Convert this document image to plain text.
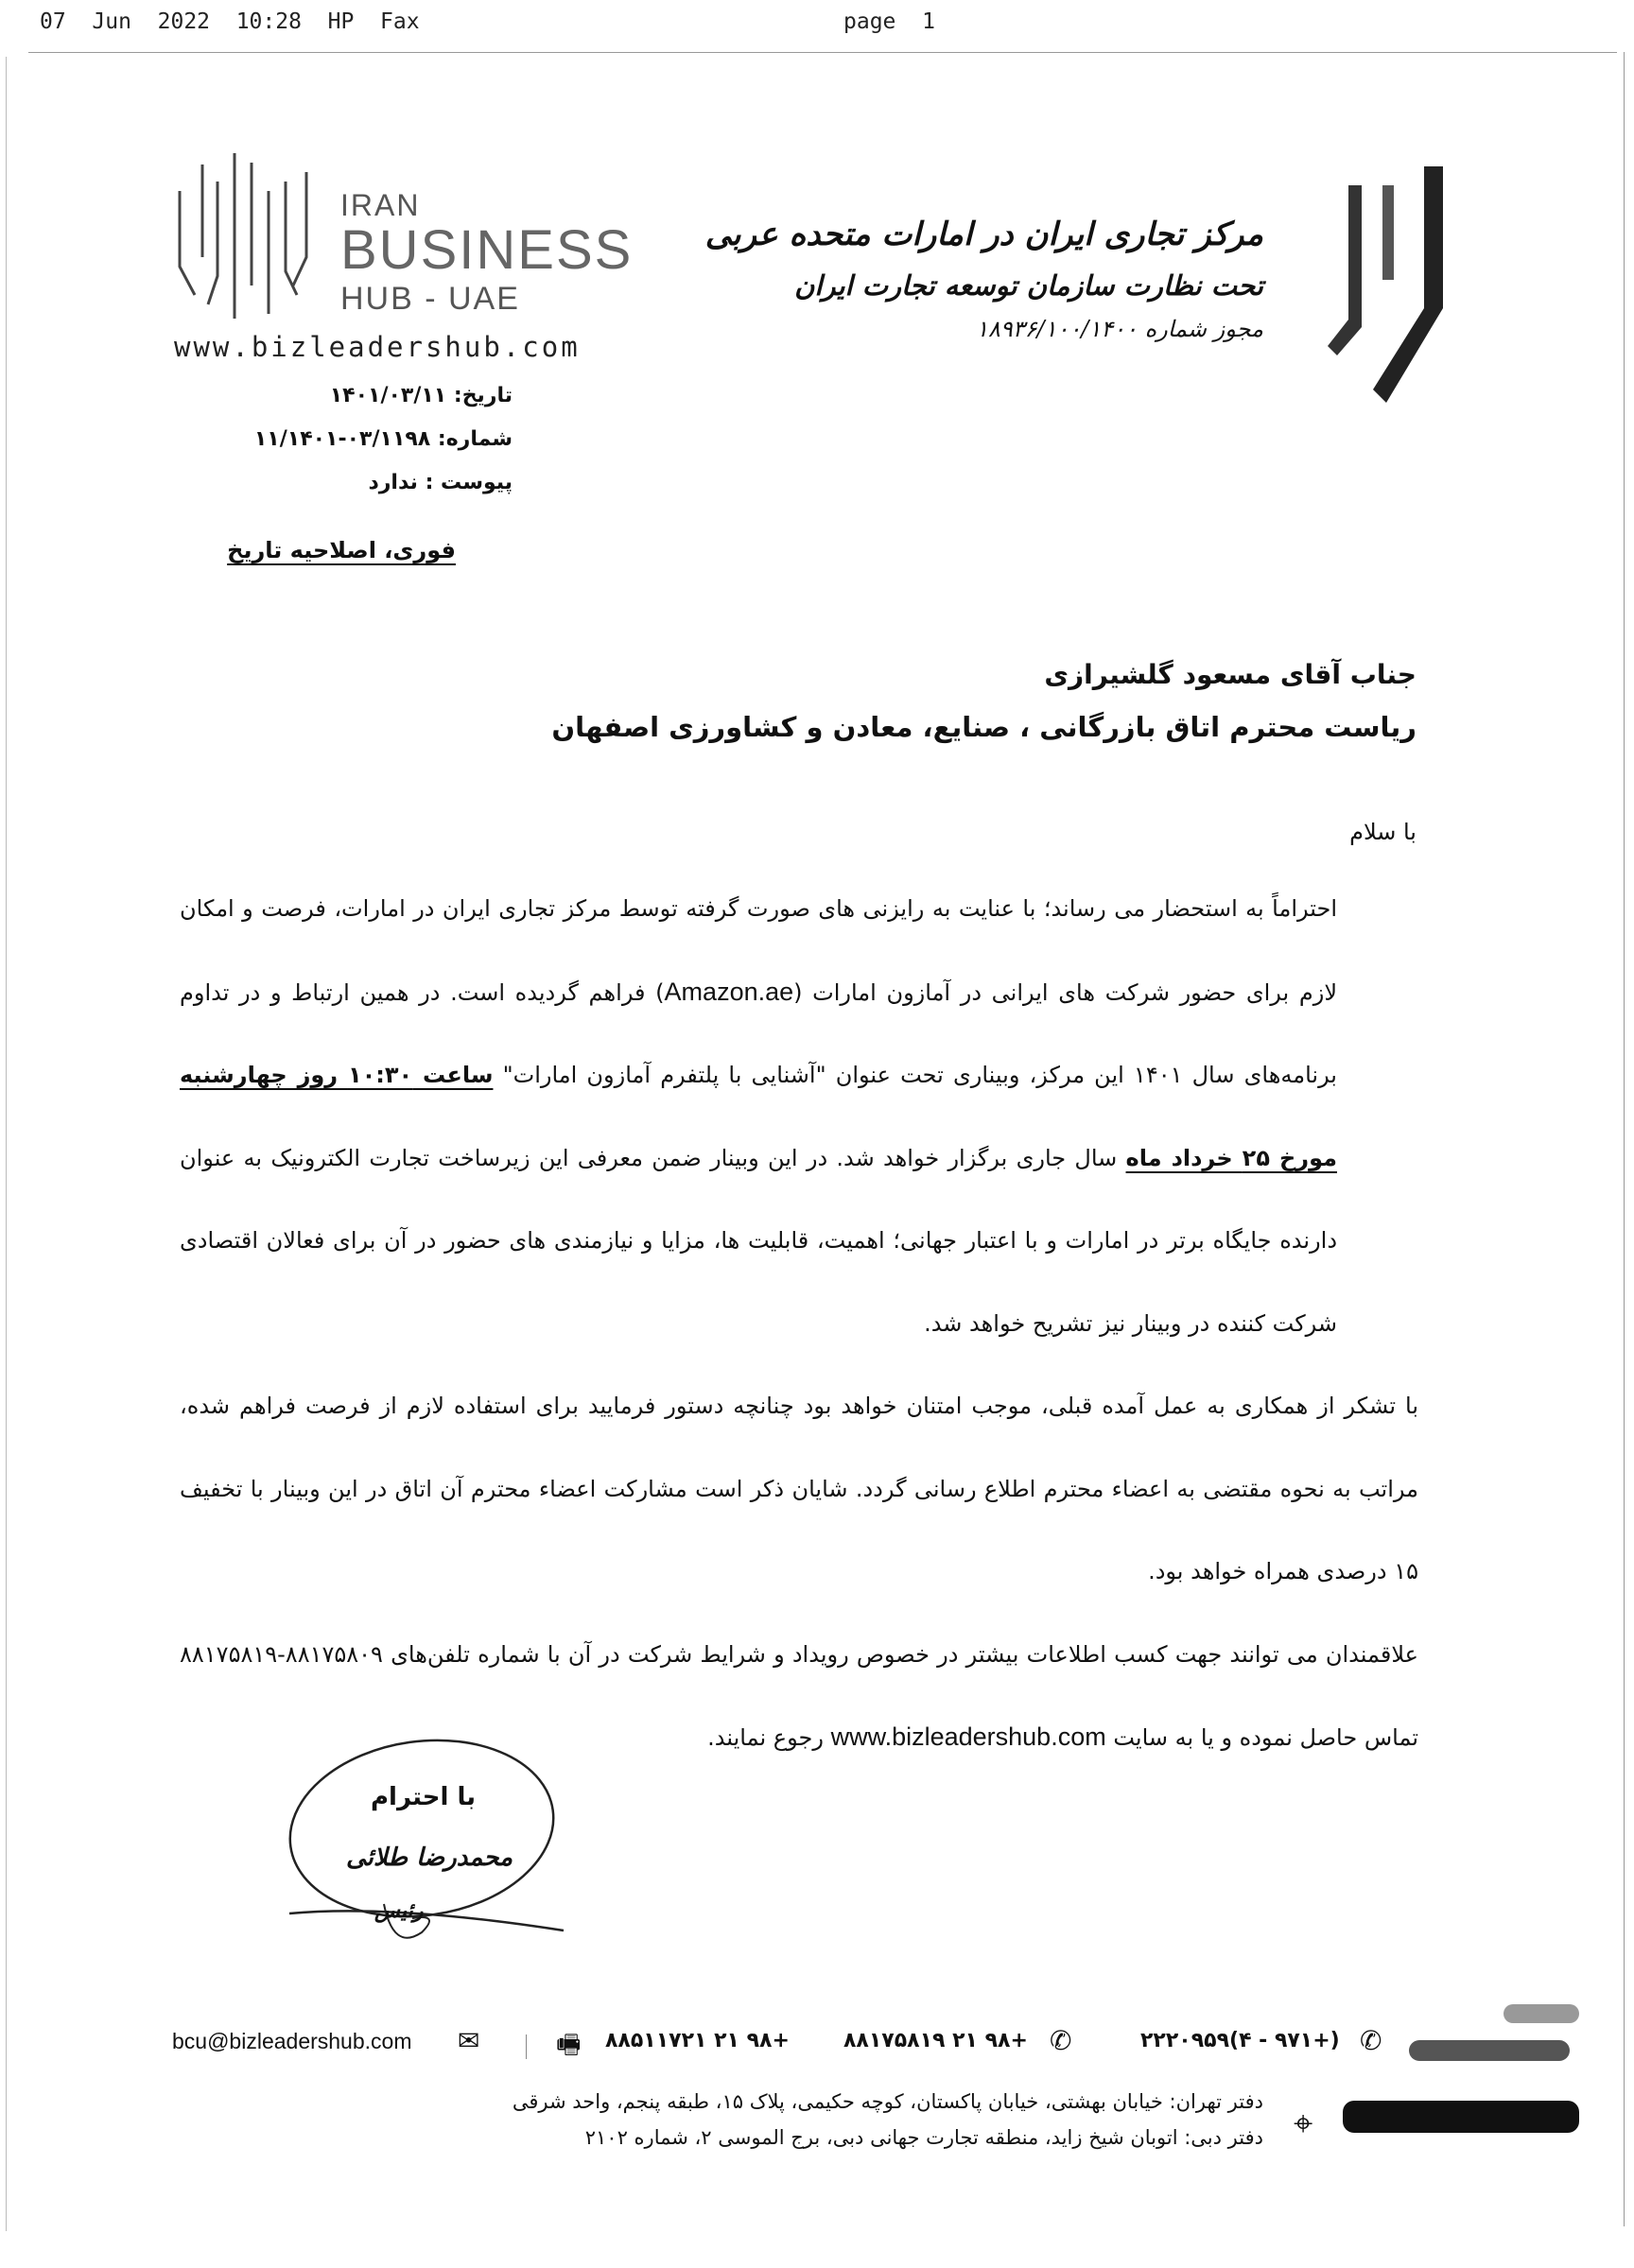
07  Jun  2022  10:28  HP  Fax	page  1
IRAN
BUSINESS
HUB - UAE
www.bizleadershub.com
مرکز تجاری ایران در امارات متحده عربی
تحت نظارت سازمان توسعه تجارت ایران
مجوز شماره ۱۸۹۳۶/۱۰۰/۱۴۰۰
تاریخ: ۱۴۰۱/۰۳/۱۱
شماره: ۰۳/۱۱۹۸-۱۱/۱۴۰۱
پیوست : ندارد
فوری، اصلاحیه تاریخ
جناب آقای مسعود گلشیرازی
ریاست محترم اتاق بازرگانی ، صنایع، معادن و کشاورزی اصفهان
با سلام

احتراماً به استحضار می رساند؛ با عنایت به رایزنی های صورت گرفته توسط مرکز تجاری ایران در امارات، فرصت و امکان لازم برای حضور شرکت های ایرانی در آمازون امارات (Amazon.ae) فراهم گردیده است. در همین ارتباط و در تداوم برنامه‌های سال ۱۴۰۱ این مرکز، وبیناری تحت عنوان "آشنایی با پلتفرم آمازون امارات" ساعت ۱۰:۳۰ روز چهارشنبه مورخ ۲۵ خرداد ماه سال جاری برگزار خواهد شد. در این وبینار ضمن معرفی این زیرساخت تجارت الکترونیک به عنوان دارنده جایگاه برتر در امارات و با اعتبار جهانی؛ اهمیت، قابلیت ها، مزایا و نیازمندی های حضور در آن برای فعالان اقتصادی شرکت کننده در وبینار نیز تشریح خواهد شد.

با تشکر از همکاری به عمل آمده قبلی، موجب امتنان خواهد بود چنانچه دستور فرمایید برای استفاده لازم از فرصت فراهم شده، مراتب به نحوه مقتضی به اعضاء محترم اطلاع رسانی گردد. شایان ذکر است مشارکت اعضاء محترم آن اتاق در این وبینار با تخفیف ۱۵ درصدی همراه خواهد بود.

علاقمندان می توانند جهت کسب اطلاعات بیشتر در خصوص رویداد و شرایط شرکت در آن با شماره تلفن‌های ۸۸۱۷۵۸۰۹-۸۸۱۷۵۸۱۹ تماس حاصل نموده و یا به سایت www.bizleadershub.com رجوع نمایند.

با احترام
محمدرضا طلائی
رئیس
bcu@bizleadershub.com ✉	🖷 +۹۸ ۲۱ ۸۸۵۱۱۷۲۱	+۹۸ ۲۱ ۸۸۱۷۵۸۱۹ ✆	(+۹۷۱ - ۴)۲۲۲۰۹۵۹ ✆
دفتر تهران: خیابان بهشتی، خیابان پاکستان، کوچه حکیمی، پلاک ۱۵، طبقه پنجم، واحد شرقی
دفتر دبی: اتوبان شیخ زاید، منطقه تجارت جهانی دبی، برج الموسی ۲، شماره ۲۱۰۲ ⌖
